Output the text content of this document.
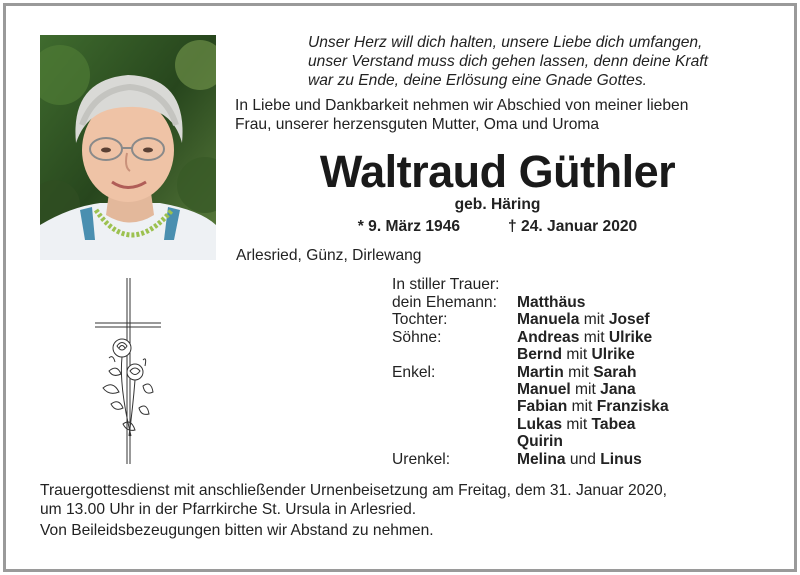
Unser Herz will dich halten, unsere Liebe dich umfangen,
unser Verstand muss dich gehen lassen, denn deine Kraft
war zu Ende, deine Erlösung eine Gnade Gottes.
In Liebe und Dankbarkeit nehmen wir Abschied von meiner lieben
Frau, unserer herzensguten Mutter, Oma und Uroma
Waltraud Güthler
geb. Häring
* 9. März 1946	† 24. Januar 2020
Arlesried, Günz, Dirlewang
In stiller Trauer:
dein Ehemann: Matthäus
Tochter:	Manuela mit Josef
Söhne:	Andreas mit Ulrike
Bernd mit Ulrike
Enkel:	Martin mit Sarah
Manuel mit Jana
Fabian mit Franziska
Lukas mit Tabea
Quirin
Urenkel:	Melina und Linus
Trauergottesdienst mit anschließender Urnenbeisetzung am Freitag, dem 31. Januar 2020,
um 13.00 Uhr in der Pfarrkirche St. Ursula in Arlesried.
Von Beileidsbezeugungen bitten wir Abstand zu nehmen.
